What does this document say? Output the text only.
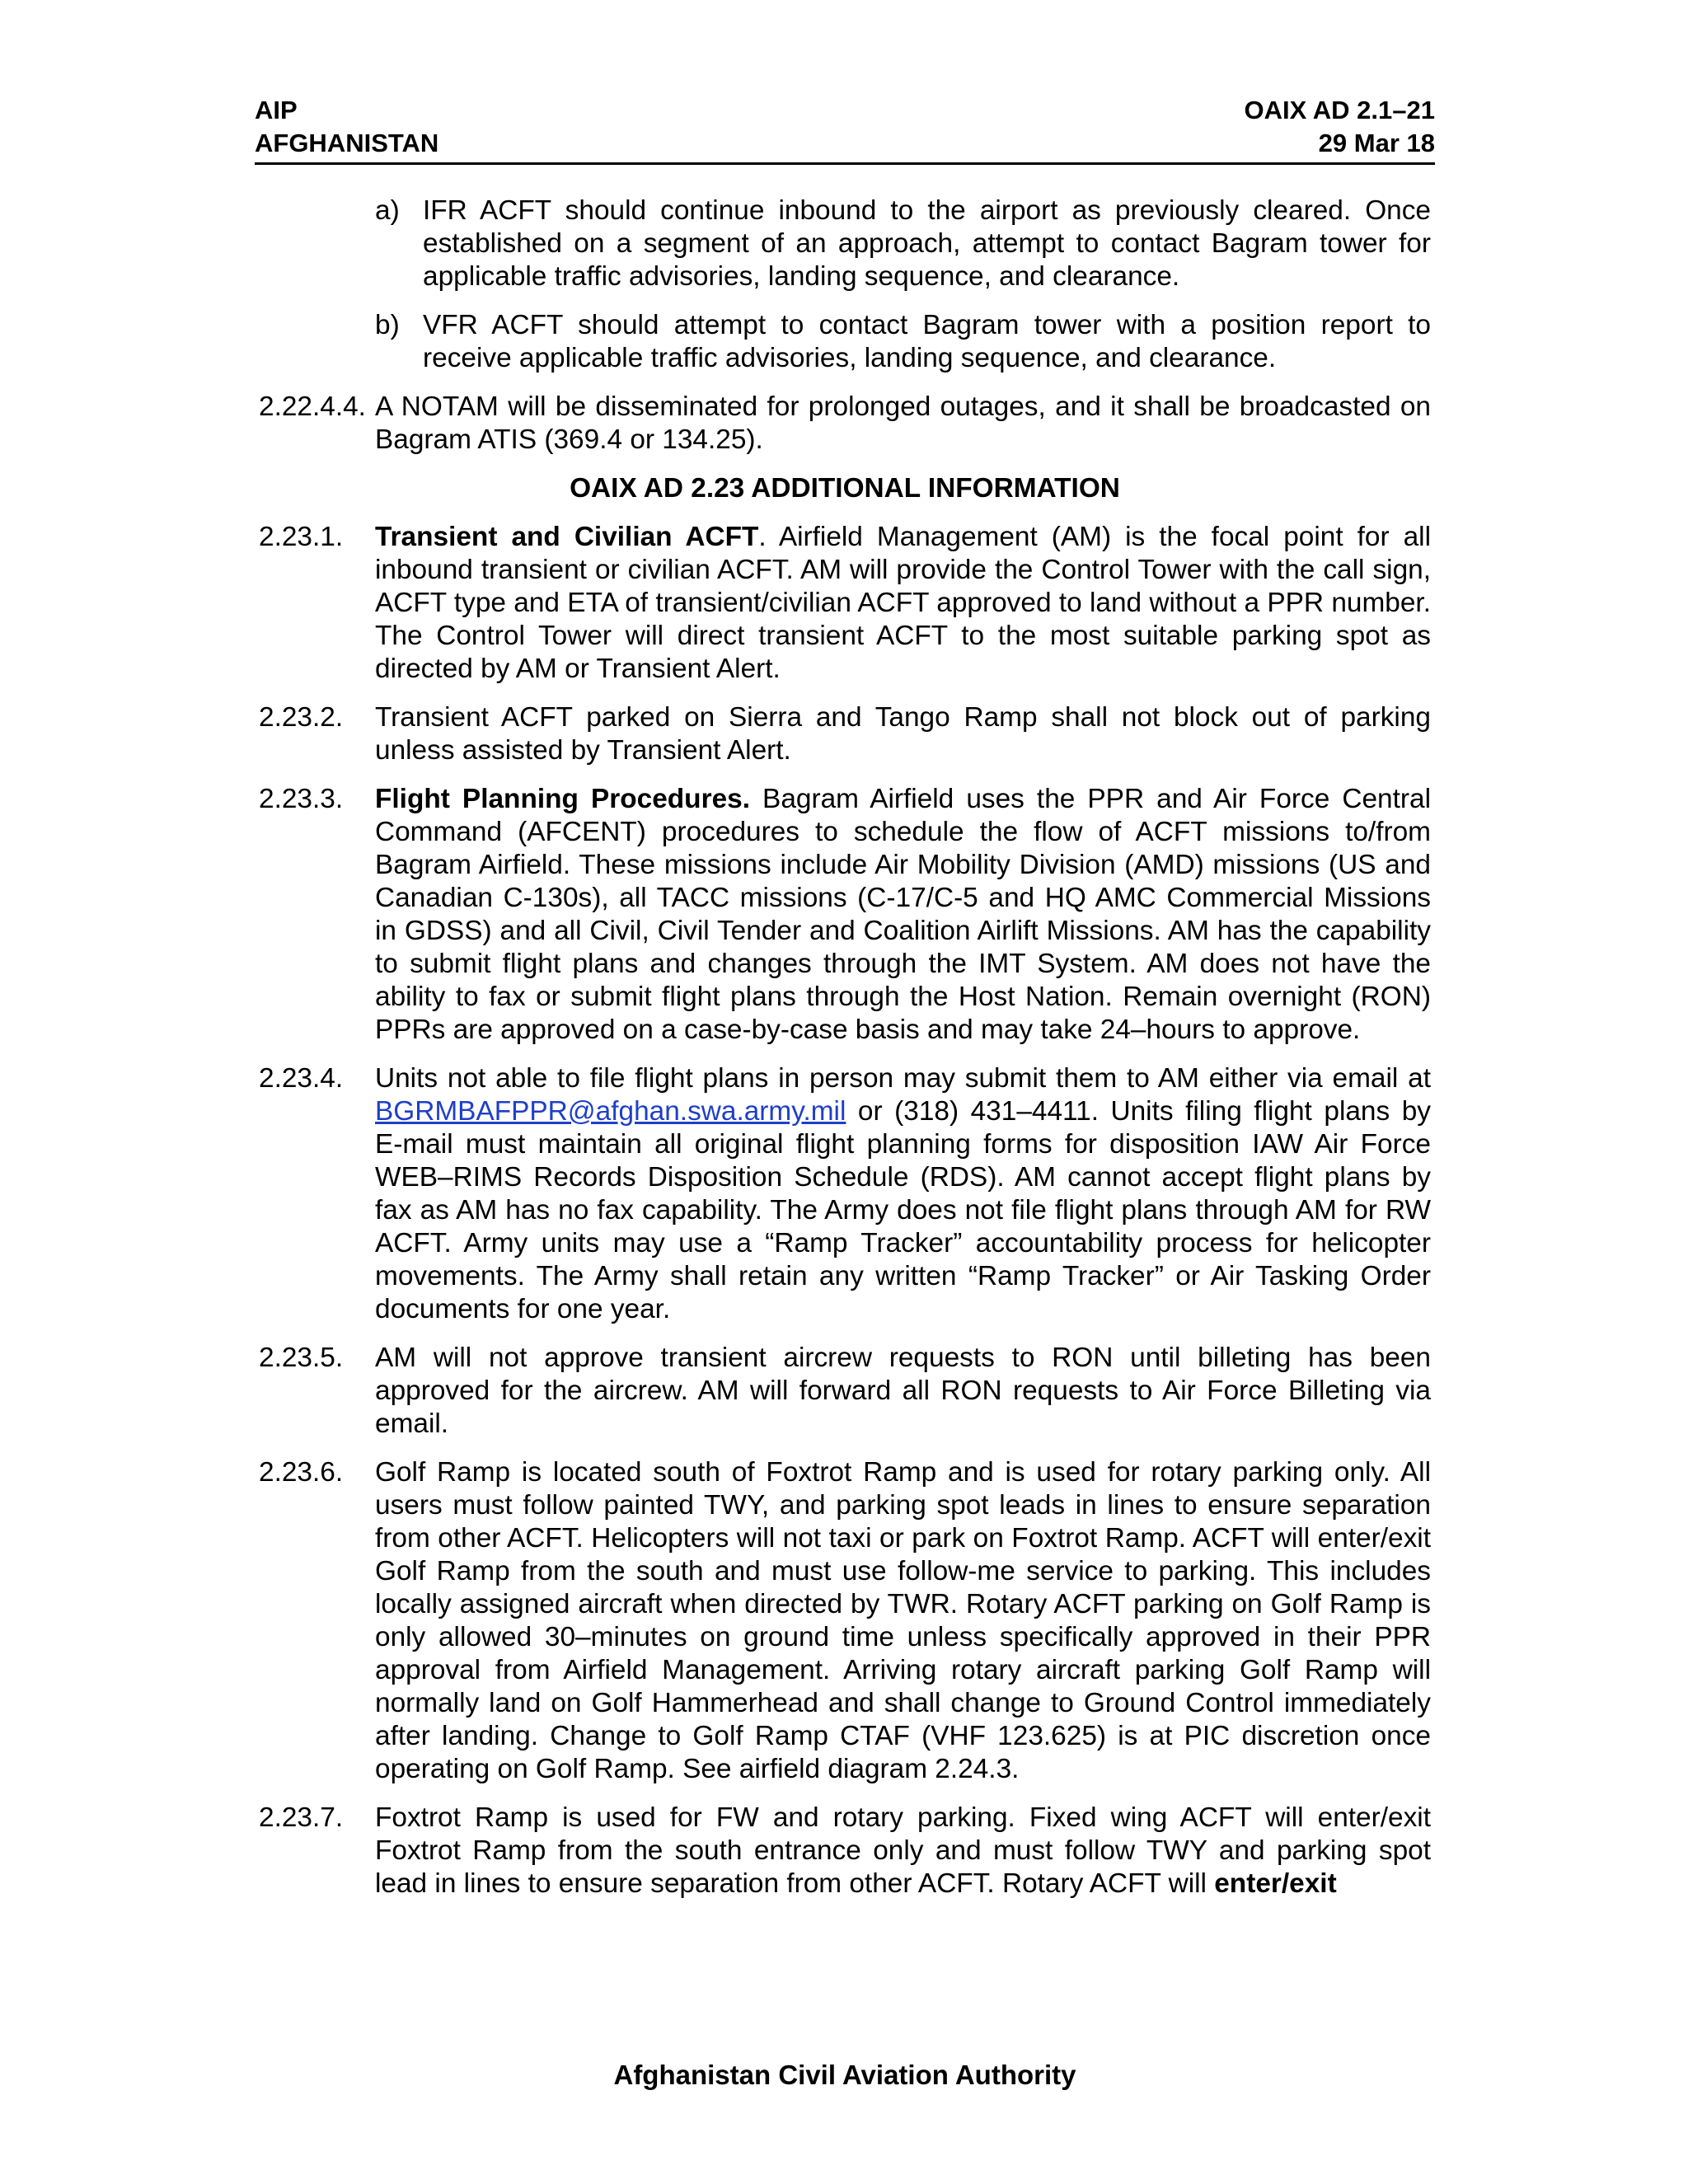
AIP	OAIX AD 2.1–21
AFGHANISTAN	29 Mar 18
a) IFR ACFT should continue inbound to the airport as previously cleared. Once established on a segment of an approach, attempt to contact Bagram tower for applicable traffic advisories, landing sequence, and clearance.
b) VFR ACFT should attempt to contact Bagram tower with a position report to receive applicable traffic advisories, landing sequence, and clearance.
2.22.4.4. A NOTAM will be disseminated for prolonged outages, and it shall be broadcasted on Bagram ATIS (369.4 or 134.25).
OAIX AD 2.23 ADDITIONAL INFORMATION
2.23.1.	Transient and Civilian ACFT. Airfield Management (AM) is the focal point for all inbound transient or civilian ACFT. AM will provide the Control Tower with the call sign, ACFT type and ETA of transient/civilian ACFT approved to land without a PPR number. The Control Tower will direct transient ACFT to the most suitable parking spot as directed by AM or Transient Alert.
2.23.2.	Transient ACFT parked on Sierra and Tango Ramp shall not block out of parking unless assisted by Transient Alert.
2.23.3.	Flight Planning Procedures. Bagram Airfield uses the PPR and Air Force Central Command (AFCENT) procedures to schedule the flow of ACFT missions to/from Bagram Airfield. These missions include Air Mobility Division (AMD) missions (US and Canadian C-130s), all TACC missions (C-17/C-5 and HQ AMC Commercial Missions in GDSS) and all Civil, Civil Tender and Coalition Airlift Missions. AM has the capability to submit flight plans and changes through the IMT System. AM does not have the ability to fax or submit flight plans through the Host Nation. Remain overnight (RON) PPRs are approved on a case-by-case basis and may take 24–hours to approve.
2.23.4.	Units not able to file flight plans in person may submit them to AM either via email at BGRMBAFPPR@afghan.swa.army.mil or (318) 431–4411. Units filing flight plans by E-mail must maintain all original flight planning forms for disposition IAW Air Force WEB–RIMS Records Disposition Schedule (RDS). AM cannot accept flight plans by fax as AM has no fax capability. The Army does not file flight plans through AM for RW ACFT. Army units may use a “Ramp Tracker” accountability process for helicopter movements. The Army shall retain any written “Ramp Tracker” or Air Tasking Order documents for one year.
2.23.5.	AM will not approve transient aircrew requests to RON until billeting has been approved for the aircrew. AM will forward all RON requests to Air Force Billeting via email.
2.23.6.	Golf Ramp is located south of Foxtrot Ramp and is used for rotary parking only. All users must follow painted TWY, and parking spot leads in lines to ensure separation from other ACFT. Helicopters will not taxi or park on Foxtrot Ramp. ACFT will enter/exit Golf Ramp from the south and must use follow-me service to parking. This includes locally assigned aircraft when directed by TWR. Rotary ACFT parking on Golf Ramp is only allowed 30–minutes on ground time unless specifically approved in their PPR approval from Airfield Management. Arriving rotary aircraft parking Golf Ramp will normally land on Golf Hammerhead and shall change to Ground Control immediately after landing. Change to Golf Ramp CTAF (VHF 123.625) is at PIC discretion once operating on Golf Ramp. See airfield diagram 2.24.3.
2.23.7.	Foxtrot Ramp is used for FW and rotary parking. Fixed wing ACFT will enter/exit Foxtrot Ramp from the south entrance only and must follow TWY and parking spot lead in lines to ensure separation from other ACFT. Rotary ACFT will enter/exit
Afghanistan Civil Aviation Authority
